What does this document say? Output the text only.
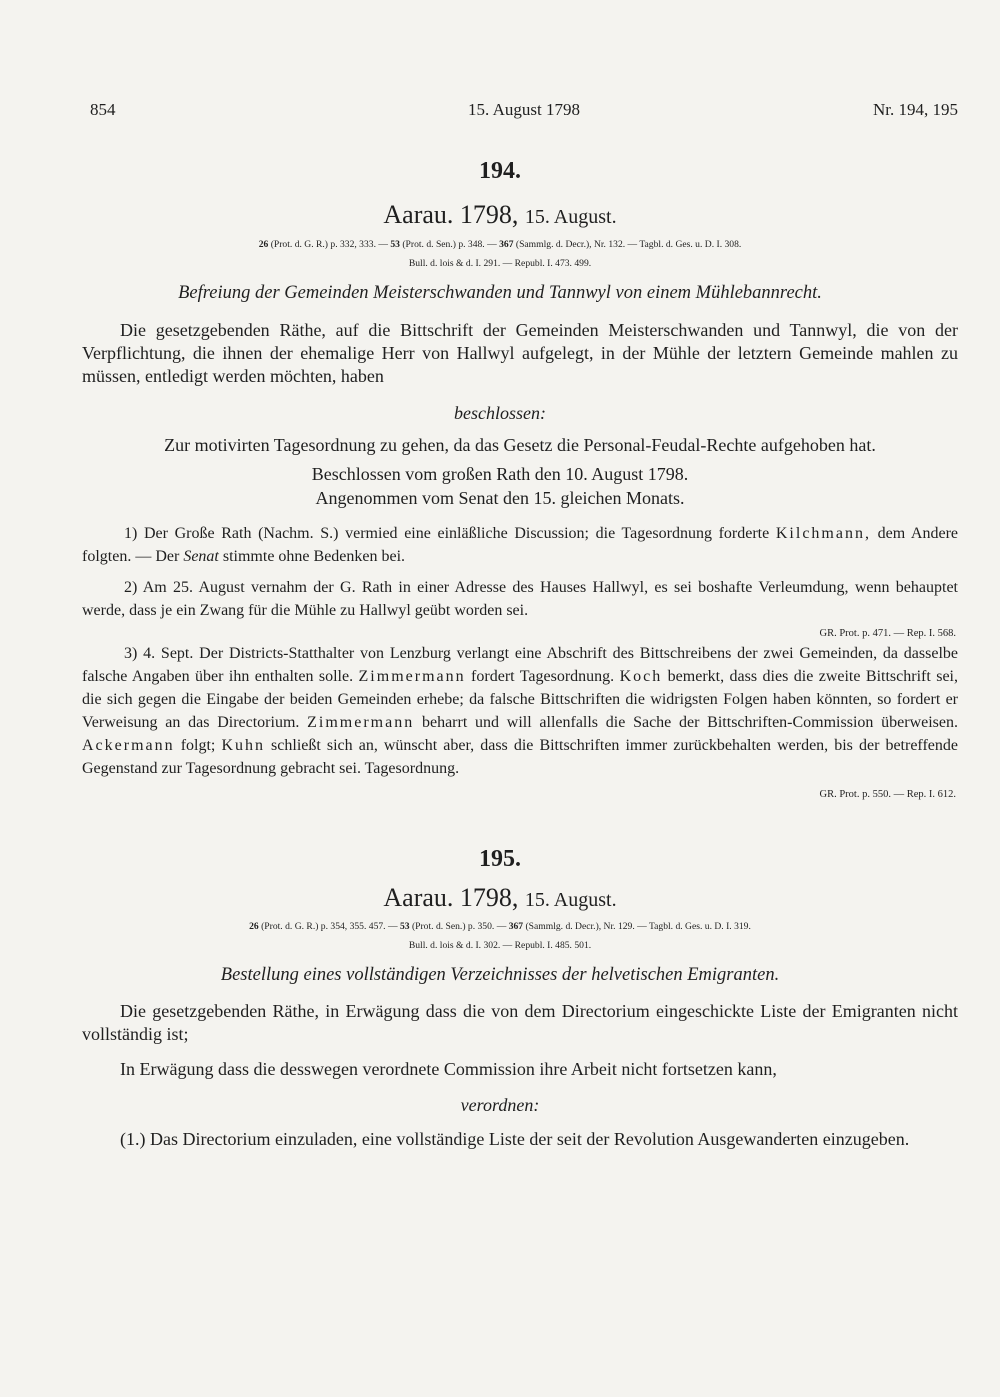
854	15. August 1798	Nr. 194, 195
194.
Aarau. 1798, 15. August.
26 (Prot. d. G. R.) p. 332, 333. — 53 (Prot. d. Sen.) p. 348. — 367 (Sammlg. d. Decr.), Nr. 132. — Tagbl. d. Ges. u. D. I. 308.
Bull. d. lois & d. I. 291. — Republ. I. 473. 499.
Befreiung der Gemeinden Meisterschwanden und Tannwyl von einem Mühlebannrecht.
Die gesetzgebenden Räthe, auf die Bittschrift der Gemeinden Meisterschwanden und Tannwyl, die von der Verpflichtung, die ihnen der ehemalige Herr von Hallwyl aufgelegt, in der Mühle der letztern Gemeinde mahlen zu müssen, entledigt werden möchten, haben
beschlossen:
Zur motivirten Tagesordnung zu gehen, da das Gesetz die Personal-Feudal-Rechte aufgehoben hat.
Beschlossen vom großen Rath den 10. August 1798.
Angenommen vom Senat den 15. gleichen Monats.
1) Der Große Rath (Nachm. S.) vermied eine einläßliche Discussion; die Tagesordnung forderte Kilchmann, dem Andere folgten. — Der Senat stimmte ohne Bedenken bei.
2) Am 25. August vernahm der G. Rath in einer Adresse des Hauses Hallwyl, es sei boshafte Verleumdung, wenn behauptet werde, dass je ein Zwang für die Mühle zu Hallwyl geübt worden sei.
GR. Prot. p. 471. — Rep. I. 568.
3) 4. Sept. Der Districts-Statthalter von Lenzburg verlangt eine Abschrift des Bittschreibens der zwei Gemeinden, da dasselbe falsche Angaben über ihn enthalten solle. Zimmermann fordert Tagesordnung. Koch bemerkt, dass dies die zweite Bittschrift sei, die sich gegen die Eingabe der beiden Gemeinden erhebe; da falsche Bittschriften die widrigsten Folgen haben könnten, so fordert er Verweisung an das Directorium. Zimmermann beharrt und will allenfalls die Sache der Bittschriften-Commission überweisen. Ackermann folgt; Kuhn schließt sich an, wünscht aber, dass die Bittschriften immer zurückbehalten werden, bis der betreffende Gegenstand zur Tagesordnung gebracht sei. Tagesordnung.
GR. Prot. p. 550. — Rep. I. 612.
195.
Aarau. 1798, 15. August.
26 (Prot. d. G. R.) p. 354, 355. 457. — 53 (Prot. d. Sen.) p. 350. — 367 (Sammlg. d. Decr.), Nr. 129. — Tagbl. d. Ges. u. D. I. 319.
Bull. d. lois & d. I. 302. — Republ. I. 485. 501.
Bestellung eines vollständigen Verzeichnisses der helvetischen Emigranten.
Die gesetzgebenden Räthe, in Erwägung dass die von dem Directorium eingeschickte Liste der Emigranten nicht vollständig ist;
In Erwägung dass die desswegen verordnete Commission ihre Arbeit nicht fortsetzen kann,
verordnen:
(1.) Das Directorium einzuladen, eine vollständige Liste der seit der Revolution Ausgewanderten einzugeben.
